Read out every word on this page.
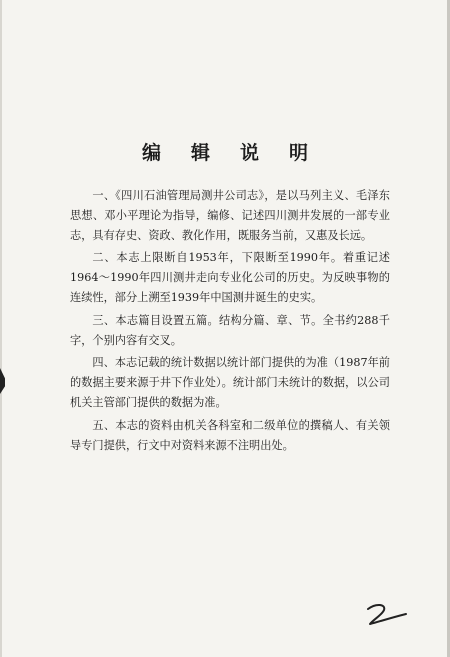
编 辑 说 明

一、《四川石油管理局测井公司志》，是以马列主义、毛泽东思想、邓小平理论为指导，编修、记述四川测井发展的一部专业志，具有存史、资政、教化作用，既服务当前，又惠及长远。

二、本志上限断自1953年，下限断至1990年。着重记述1964～1990年四川测井走向专业化公司的历史。为反映事物的连续性，部分上溯至1939年中国测井诞生的史实。

三、本志篇目设置五篇。结构分篇、章、节。全书约288千字，个别内容有交叉。

四、本志记载的统计数据以统计部门提供的为准（1987年前的数据主要来源于井下作业处）。统计部门未统计的数据，以公司机关主管部门提供的数据为准。

五、本志的资料由机关各科室和二级单位的撰稿人、有关领导专门提供，行文中对资料来源不注明出处。
